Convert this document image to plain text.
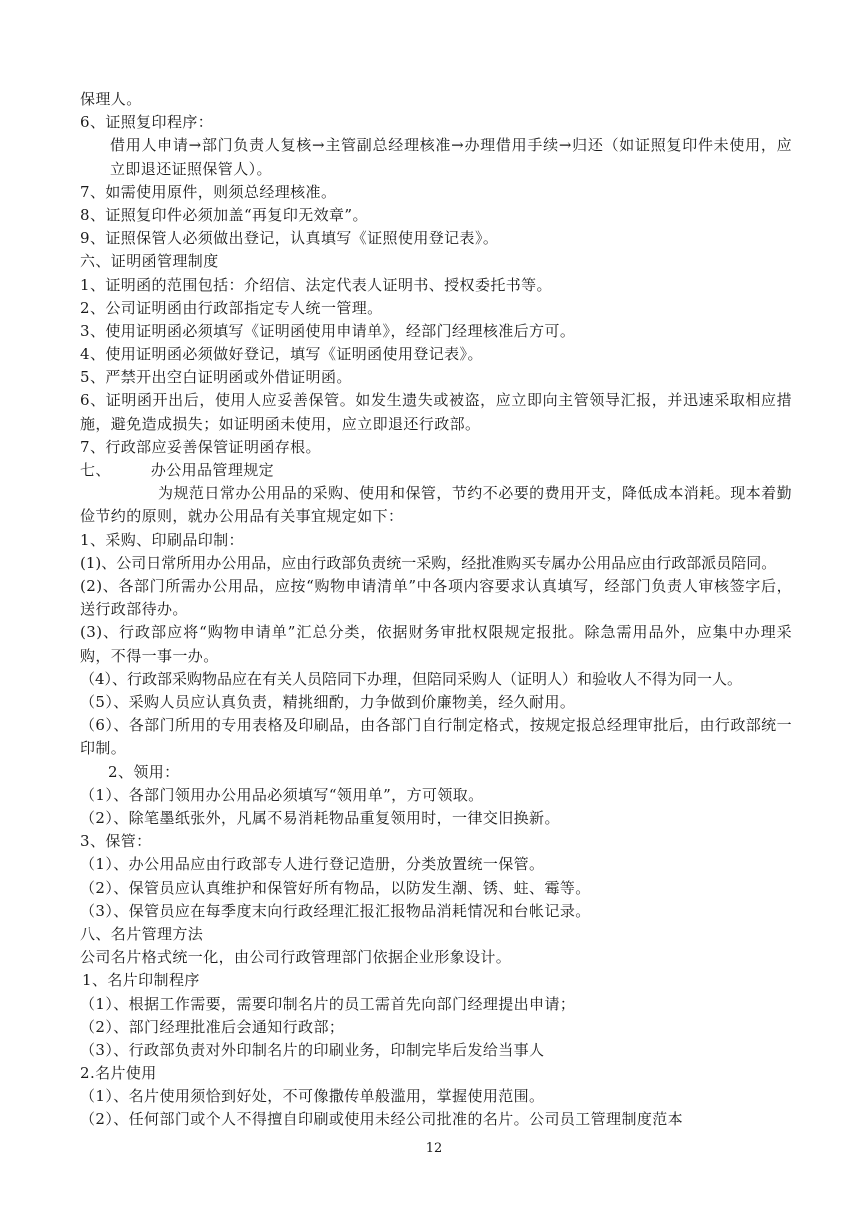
保理人。
6、证照复印程序：
借用人申请→部门负责人复核→主管副总经理核准→办理借用手续→归还（如证照复印件未使用，应立即退还证照保管人）。
7、如需使用原件，则须总经理核准。
8、证照复印件必须加盖“再复印无效章”。
9、证照保管人必须做出登记，认真填写《证照使用登记表》。
六、证明函管理制度
1、证明函的范围包括：介绍信、法定代表人证明书、授权委托书等。
2、公司证明函由行政部指定专人统一管理。
3、使用证明函必须填写《证明函使用申请单》，经部门经理核准后方可。
4、使用证明函必须做好登记，填写《证明函使用登记表》。
5、严禁开出空白证明函或外借证明函。
6、证明函开出后，使用人应妥善保管。如发生遗失或被盗，应立即向主管领导汇报，并迅速采取相应措施，避免造成损失；如证明函未使用，应立即退还行政部。
7、行政部应妥善保管证明函存根。
七、	办公用品管理规定
为规范日常办公用品的采购、使用和保管，节约不必要的费用开支，降低成本消耗。现本着勤俭节约的原则，就办公用品有关事宜规定如下：
1、采购、印刷品印制：
(1)、公司日常所用办公用品，应由行政部负责统一采购，经批准购买专属办公用品应由行政部派员陪同。
(2)、各部门所需办公用品，应按“购物申请清单”中各项内容要求认真填写，经部门负责人审核签字后，送行政部待办。
(3)、行政部应将“购物申请单”汇总分类，依据财务审批权限规定报批。除急需用品外，应集中办理采购，不得一事一办。
（4）、行政部采购物品应在有关人员陪同下办理，但陪同采购人（证明人）和验收人不得为同一人。
（5）、采购人员应认真负责，精挑细酌，力争做到价廉物美，经久耐用。
（6）、各部门所用的专用表格及印刷品，由各部门自行制定格式，按规定报总经理审批后，由行政部统一印制。
2、领用：
（1）、各部门领用办公用品必须填写“领用单”，方可领取。
（2）、除笔墨纸张外，凡属不易消耗物品重复领用时，一律交旧换新。
3、保管：
（1）、办公用品应由行政部专人进行登记造册，分类放置统一保管。
（2）、保管员应认真维护和保管好所有物品，以防发生潮、锈、蛀、霉等。
（3）、保管员应在每季度末向行政经理汇报汇报物品消耗情况和台帐记录。
八、名片管理方法
公司名片格式统一化，由公司行政管理部门依据企业形象设计。
1、名片印制程序
（1）、根据工作需要，需要印制名片的员工需首先向部门经理提出申请；
（2）、部门经理批准后会通知行政部；
（3）、行政部负责对外印制名片的印刷业务，印制完毕后发给当事人
2.名片使用
（1）、名片使用须恰到好处，不可像撒传单般滥用，掌握使用范围。
（2）、任何部门或个人不得擅自印刷或使用未经公司批准的名片。公司员工管理制度范本
12
